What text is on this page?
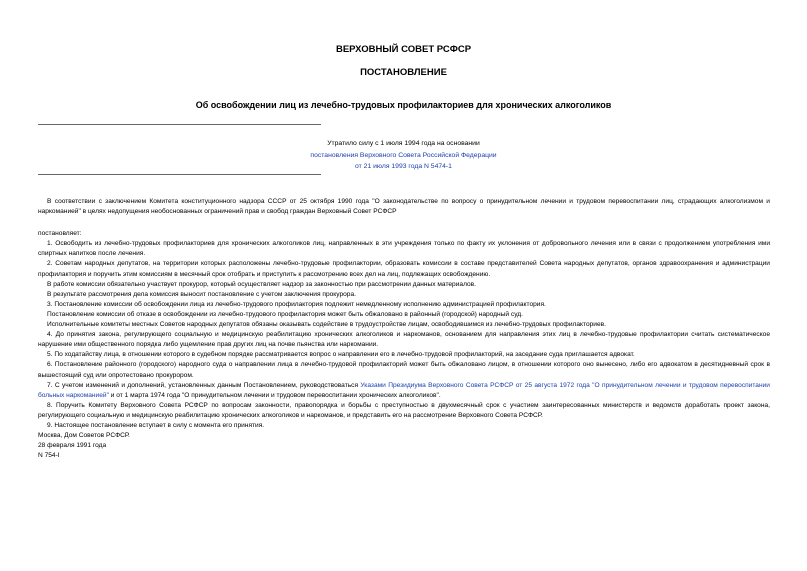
ВЕРХОВНЫЙ СОВЕТ РСФСР
ПОСТАНОВЛЕНИЕ
Об освобождении лиц из лечебно-трудовых профилакториев для хронических алкоголиков
Утратило силу с 1 июля 1994 года на основании
постановления Верховного Совета Российской Федерации
от 21 июля 1993 года N 5474-1

В соответствии с заключением Комитета конституционного надзора СССР от 25 октября 1990 года "О законодательстве по вопросу о принудительном лечении и трудовом перевоспитании лиц, страдающих алкоголизмом и наркоманией" в целях недопущения необоснованных ограничений прав и свобод граждан Верховный Совет РСФСР

постановляет:

1. Освободить из лечебно-трудовых профилакториев для хронических алкоголиков лиц, направленных в эти учреждения только по факту их уклонения от добровольного лечения или в связи с продолжением употребления ими спиртных напитков после лечения.

2. Советам народных депутатов, на территории которых расположены лечебно-трудовые профилактории, образовать комиссии в составе представителей Совета народных депутатов, органов здравоохранения и администрации профилактория и поручить этим комиссиям в месячный срок отобрать и приступить к рассмотрению всех дел на лиц, подлежащих освобождению.

В работе комиссии обязательно участвует прокурор, который осуществляет надзор за законностью при рассмотрении данных материалов.

В результате рассмотрения дела комиссия выносит постановление с учетом заключения прокурора.

3. Постановление комиссии об освобождении лица из лечебно-трудового профилактория подлежит немедленному исполнению администрацией профилактория.

Постановление комиссии об отказе в освобождении из лечебно-трудового профилактория может быть обжаловано в районный (городской) народный суд.

Исполнительные комитеты местных Советов народных депутатов обязаны оказывать содействие в трудоустройстве лицам, освободившимся из лечебно-трудовых профилакториев.

4. До принятия закона, регулирующего социальную и медицинскую реабилитацию хронических алкоголиков и наркоманов, основанием для направления этих лиц в лечебно-трудовые профилактории считать систематическое нарушение ими общественного порядка либо ущемление прав других лиц на почве пьянства или наркомании.

5. По ходатайству лица, в отношении которого в судебном порядке рассматривается вопрос о направлении его в лечебно-трудовой профилакторий, на заседание суда приглашается адвокат.

6. Постановление районного (городского) народного суда о направлении лица в лечебно-трудовой профилакторий может быть обжаловано лицом, в отношении которого оно вынесено, либо его адвокатом в десятидневный срок в вышестоящий суд или опротестовано прокурором.

7. С учетом изменений и дополнений, установленных данным Постановлением, руководствоваться Указами Президиума Верховного Совета РСФСР от 25 августа 1972 года "О принудительном лечении и трудовом перевоспитании больных наркоманией" и от 1 марта 1974 года "О принудительном лечении и трудовом перевоспитании хронических алкоголиков".

8. Поручить Комитету Верховного Совета РСФСР по вопросам законности, правопорядка и борьбы с преступностью в двухмесячный срок с участием заинтересованных министерств и ведомств доработать проект закона, регулирующего социальную и медицинскую реабилитацию хронических алкоголиков и наркоманов, и представить его на рассмотрение Верховного Совета РСФСР.

9. Настоящее постановление вступает в силу с момента его принятия.

Москва, Дом Советов РСФСР.

28 февраля 1991 года

N 754-I
